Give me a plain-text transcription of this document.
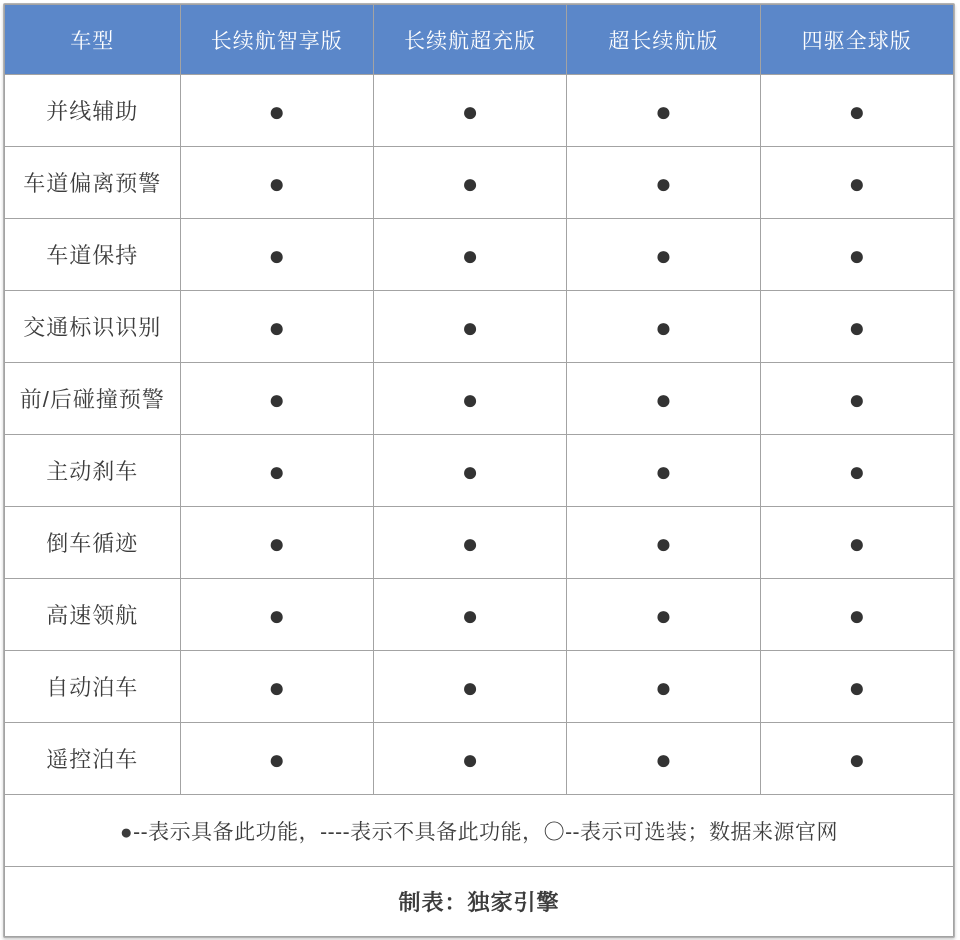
车型	长续航智享版	长续航超充版	超长续航版	四驱全球版
并线辅助	●	●	●	●
车道偏离预警	●	●	●	●
车道保持	●	●	●	●
交通标识识别	●	●	●	●
前/后碰撞预警	●	●	●	●
主动刹车	●	●	●	●
倒车循迹	●	●	●	●
高速领航	●	●	●	●
自动泊车	●	●	●	●
遥控泊车	●	●	●	●
●--表示具备此功能，----表示不具备此功能，〇--表示可选装；数据来源官网				
制表：独家引擎				
